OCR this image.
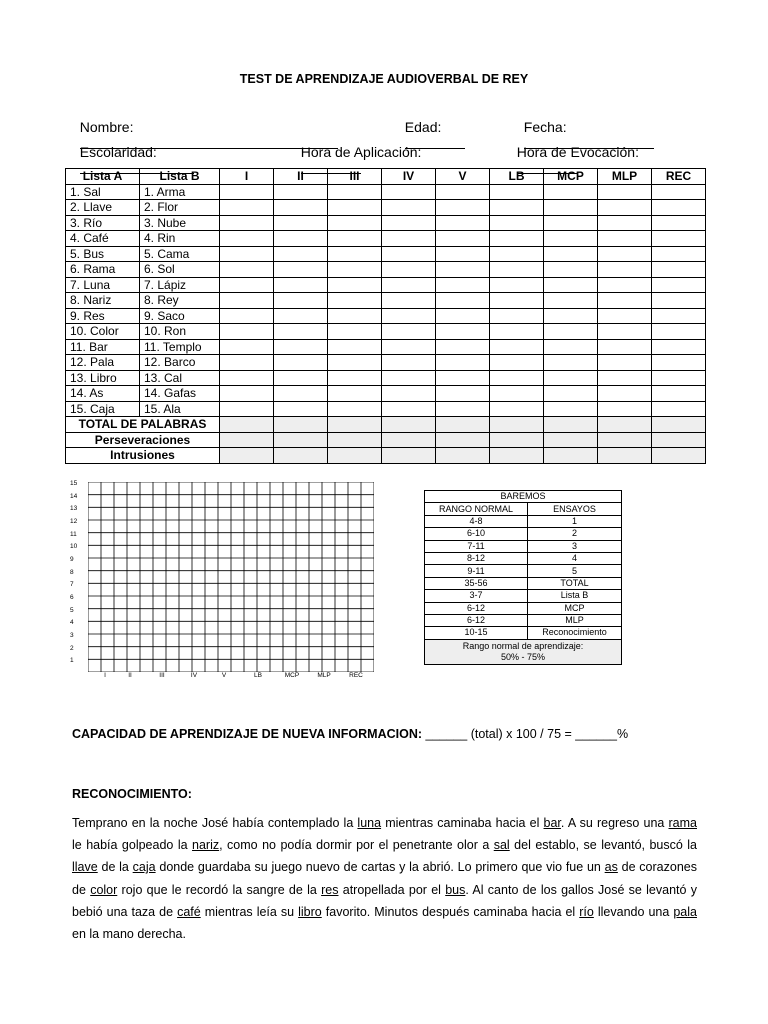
TEST DE APRENDIZAJE AUDIOVERBAL DE REY

Nombre:
	Edad:
	Fecha:

Escolaridad:
	Hora de Aplicación:
	Hora de Evocación:

Lista A	Lista B	I	II	III	IV	V	LB	MCP	MLP	REC
1. Sal	1. Arma									
2. Llave	2. Flor									
3. Río	3. Nube									
4. Café	4. Rin									
5. Bus	5. Cama									
6. Rama	6. Sol									
7. Luna	7. Lápiz									
8. Nariz	8. Rey									
9. Res	9. Saco									
10. Color	10. Ron									
11. Bar	11. Templo									
12. Pala	12. Barco									
13. Libro	13. Cal									
14. As	14. Gafas									
15. Caja	15. Ala									
TOTAL DE PALABRAS										
Perseveraciones										
Intrusiones										
15
14
13
12
11
10
9
8
7
6
5
4
3
2
1
I	II	III	IV	V	LB	MCP	MLP	REC
BAREMOS	
RANGO NORMAL	ENSAYOS
4-8	1
6-10	2
7-11	3
8-12	4
9-11	5
35-56	TOTAL
3-7	Lista B
6-12	MCP
6-12	MLP
10-15	Reconocimiento

Rango normal de aprendizaje:
50% - 75%	
CAPACIDAD DE APRENDIZAJE DE NUEVA INFORMACION: ______ (total) x 100 / 75 = ______%
RECONOCIMIENTO:
Temprano en la noche José había contemplado la luna mientras caminaba hacia el bar. A su regreso una rama le había golpeado la nariz, como no podía dormir por el penetrante olor a sal del establo, se levantó, buscó la llave de la caja donde guardaba su juego nuevo de cartas y la abrió. Lo primero que vio fue un as de corazones de color rojo que le recordó la sangre de la res atropellada por el bus. Al canto de los gallos José se levantó y bebió una taza de café mientras leía su libro favorito. Minutos después caminaba hacia el río llevando una pala en la mano derecha.
